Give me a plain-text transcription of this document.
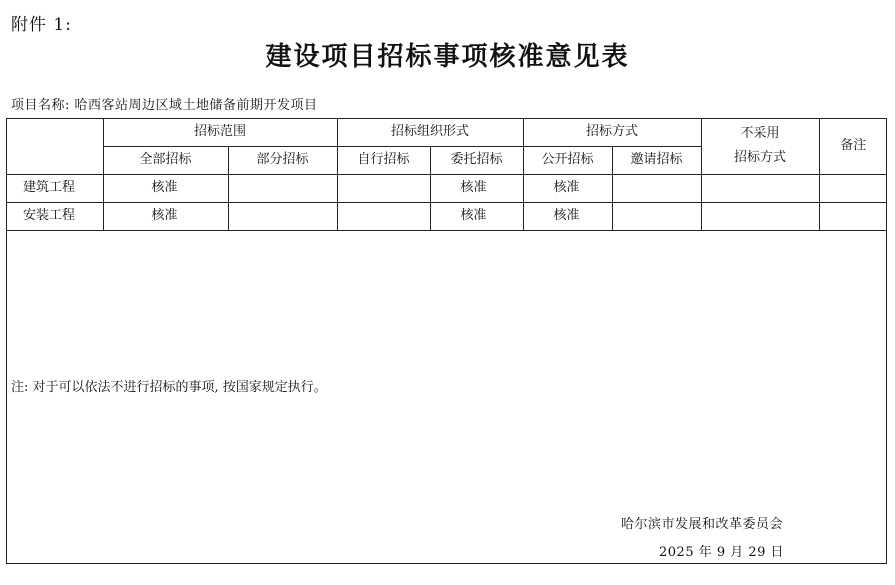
附件 1:
建设项目招标事项核准意见表
项目名称: 哈西客站周边区域土地储备前期开发项目
	招标范围		招标组织形式		招标方式		不采用
招标方式	备注
	全部招标	部分招标	自行招标	委托招标	公开招标	邀请招标		
建筑工程	核准			核准	核准			
安装工程	核准			核准	核准			
注: 对于可以依法不进行招标的事项, 按国家规定执行。
哈尔滨市发展和改革委员会
2025 年 9 月 29 日
